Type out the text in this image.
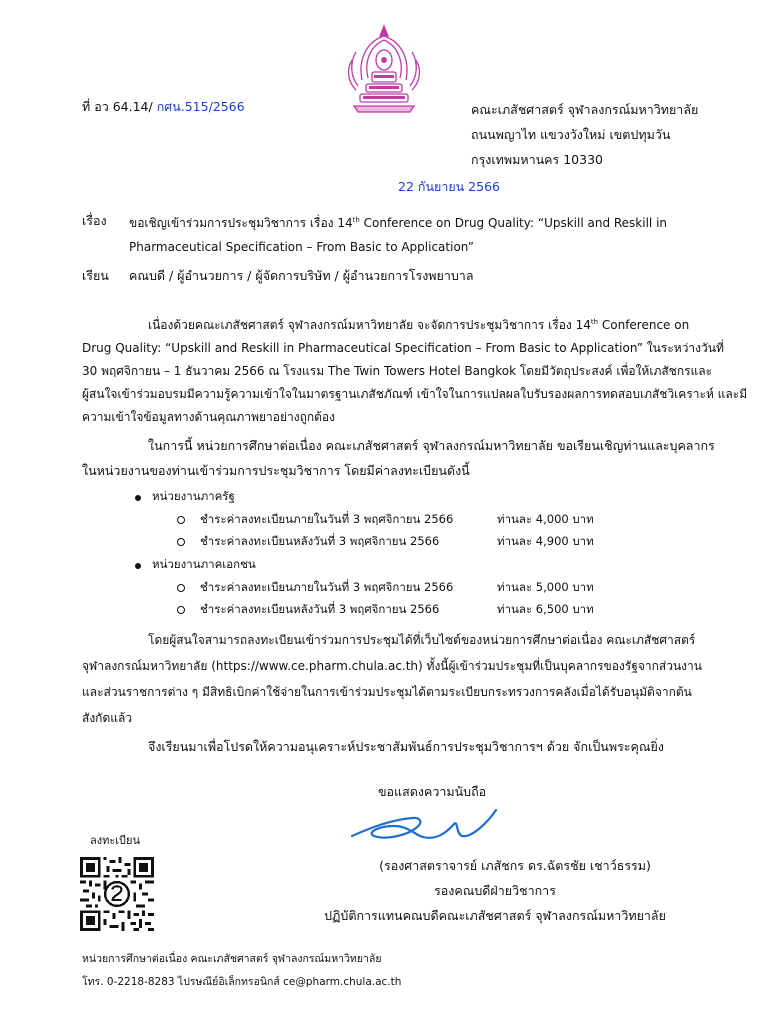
ที่ อว 64.14/ กศน.515/2566	คณะเภสัชศาสตร์ จุฬาลงกรณ์มหาวิทยาลัย
ถนนพญาไท แขวงวังใหม่ เขตปทุมวัน
กรุงเทพมหานคร 10330
22 กันยายน 2566
เรื่อง ขอเชิญเข้าร่วมการประชุมวิชาการ เรื่อง 14th Conference on Drug Quality: “Upskill and Reskill in
Pharmaceutical Specification – From Basic to Application”
เรียน คณบดี / ผู้อำนวยการ / ผู้จัดการบริษัท / ผู้อำนวยการโรงพยาบาล
เนื่องด้วยคณะเภสัชศาสตร์ จุฬาลงกรณ์มหาวิทยาลัย จะจัดการประชุมวิชาการ เรื่อง 14th Conference on
Drug Quality: “Upskill and Reskill in Pharmaceutical Specification – From Basic to Application” ในระหว่างวันที่
30 พฤศจิกายน – 1 ธันวาคม 2566 ณ โรงแรม The Twin Towers Hotel Bangkok โดยมีวัตถุประสงค์ เพื่อให้เภสัชกรและ
ผู้สนใจเข้าร่วมอบรมมีความรู้ความเข้าใจในมาตรฐานเภสัชภัณฑ์ เข้าใจในการแปลผลใบรับรองผลการทดสอบเภสัชวิเคราะห์ และมี
ความเข้าใจข้อมูลทางด้านคุณภาพยาอย่างถูกต้อง
ในการนี้ หน่วยการศึกษาต่อเนื่อง คณะเภสัชศาสตร์ จุฬาลงกรณ์มหาวิทยาลัย ขอเรียนเชิญท่านและบุคลากร
ในหน่วยงานของท่านเข้าร่วมการประชุมวิชาการ โดยมีค่าลงทะเบียนดังนี้
หน่วยงานภาครัฐ
ชำระค่าลงทะเบียนภายในวันที่ 3 พฤศจิกายน 2566	ท่านละ 4,000 บาท
ชำระค่าลงทะเบียนหลังวันที่ 3 พฤศจิกายน 2566	ท่านละ 4,900 บาท
หน่วยงานภาคเอกชน
ชำระค่าลงทะเบียนภายในวันที่ 3 พฤศจิกายน 2566	ท่านละ 5,000 บาท
ชำระค่าลงทะเบียนหลังวันที่ 3 พฤศจิกายน 2566	ท่านละ 6,500 บาท
โดยผู้สนใจสามารถลงทะเบียนเข้าร่วมการประชุมได้ที่เว็บไซต์ของหน่วยการศึกษาต่อเนื่อง คณะเภสัชศาสตร์
จุฬาลงกรณ์มหาวิทยาลัย (https://www.ce.pharm.chula.ac.th) ทั้งนี้ผู้เข้าร่วมประชุมที่เป็นบุคลากรของรัฐจากส่วนงาน
และส่วนราชการต่าง ๆ มีสิทธิเบิกค่าใช้จ่ายในการเข้าร่วมประชุมได้ตามระเบียบกระทรวงการคลังเมื่อได้รับอนุมัติจากต้น
สังกัดแล้ว
จึงเรียนมาเพื่อโปรดให้ความอนุเคราะห์ประชาสัมพันธ์การประชุมวิชาการฯ ด้วย จักเป็นพระคุณยิ่ง
ขอแสดงความนับถือ
(รองศาสตราจารย์ เภสัชกร ดร.ฉัตรชัย เชาว์ธรรม)
รองคณบดีฝ่ายวิชาการ
ปฏิบัติการแทนคณบดีคณะเภสัชศาสตร์ จุฬาลงกรณ์มหาวิทยาลัย
ลงทะเบียน
หน่วยการศึกษาต่อเนื่อง คณะเภสัชศาสตร์ จุฬาลงกรณ์มหาวิทยาลัย
โทร. 0-2218-8283 ไปรษณีย์อิเล็กทรอนิกส์ ce@pharm.chula.ac.th
